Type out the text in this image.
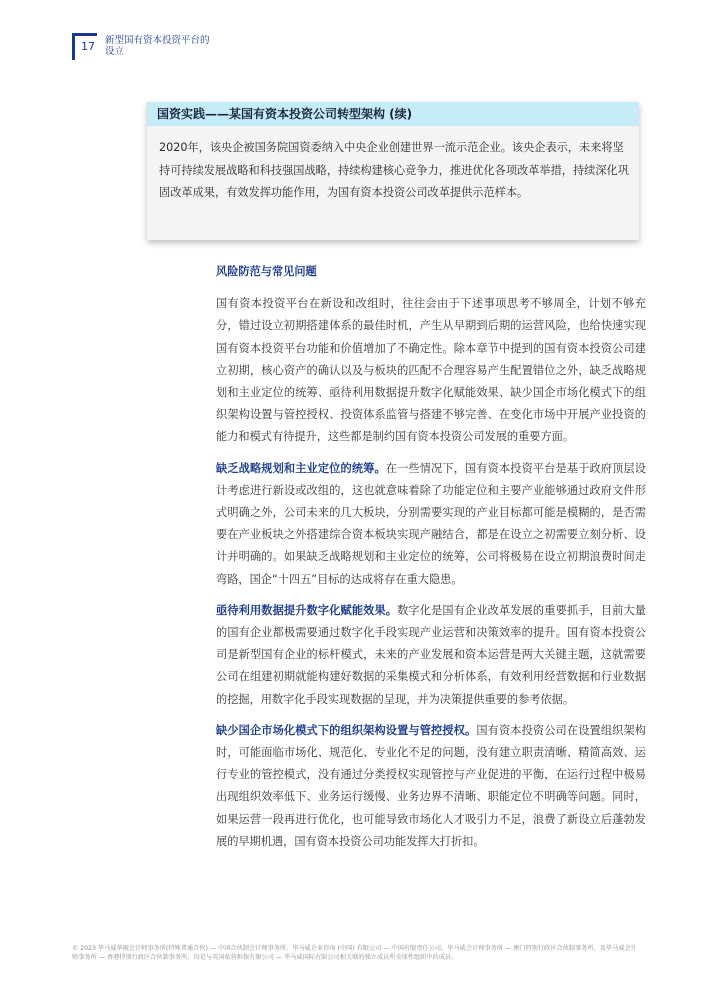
17 新型国有资本投资平台的
设立
国资实践——某国有资本投资公司转型架构 (续)
2020年，该央企被国务院国资委纳入中央企业创建世界一流示范企业。该央企表示，未来将坚持可持续发展战略和科技强国战略，持续构建核心竞争力，推进优化各项改革举措，持续深化巩固改革成果，有效发挥功能作用，为国有资本投资公司改革提供示范样本。
风险防范与常见问题

国有资本投资平台在新设和改组时，往往会由于下述事项思考不够周全，计划不够充分，错过设立初期搭建体系的最佳时机，产生从早期到后期的运营风险，也给快速实现国有资本投资平台功能和价值增加了不确定性。除本章节中提到的国有资本投资公司建立初期，核心资产的确认以及与板块的匹配不合理容易产生配置错位之外，缺乏战略规划和主业定位的统筹、亟待利用数据提升数字化赋能效果、缺少国企市场化模式下的组织架构设置与管控授权、投资体系监管与搭建不够完善、在变化市场中开展产业投资的能力和模式有待提升，这些都是制约国有资本投资公司发展的重要方面。

缺乏战略规划和主业定位的统筹。在一些情况下，国有资本投资平台是基于政府顶层设计考虑进行新设或改组的，这也就意味着除了功能定位和主要产业能够通过政府文件形式明确之外，公司未来的几大板块，分别需要实现的产业目标都可能是模糊的，是否需要在产业板块之外搭建综合资本板块实现产融结合，都是在设立之初需要立刻分析、设计并明确的。如果缺乏战略规划和主业定位的统筹，公司将极易在设立初期浪费时间走弯路，国企“十四五”目标的达成将存在重大隐患。

亟待利用数据提升数字化赋能效果。数字化是国有企业改革发展的重要抓手，目前大量的国有企业都极需要通过数字化手段实现产业运营和决策效率的提升。国有资本投资公司是新型国有企业的标杆模式，未来的产业发展和资本运营是两大关键主题，这就需要公司在组建初期就能构建好数据的采集模式和分析体系，有效利用经营数据和行业数据的挖掘，用数字化手段实现数据的呈现，并为决策提供重要的参考依据。

缺少国企市场化模式下的组织架构设置与管控授权。国有资本投资公司在设置组织架构时，可能面临市场化、规范化、专业化不足的问题，没有建立职责清晰、精简高效、运行专业的管控模式，没有通过分类授权实现管控与产业促进的平衡，在运行过程中极易出现组织效率低下、业务运行缓慢、业务边界不清晰、职能定位不明确等问题。同时，如果运营一段再进行优化，也可能导致市场化人才吸引力不足，浪费了新设立后蓬勃发展的早期机遇，国有资本投资公司功能发挥大打折扣。

© 2023 毕马威华振会计师事务所(特殊普通合伙) — 中国合伙制会计师事务所，毕马威企业咨询 (中国) 有限公司 — 中国有限责任公司，毕马威会计师事务所 — 澳门特别行政区合伙制事务所，及毕马威会计师事务所 — 香港特别行政区合伙制事务所，均是与英国私营担保有限公司 — 毕马威国际有限公司相关联的独立成员所全球性组织中的成员。
